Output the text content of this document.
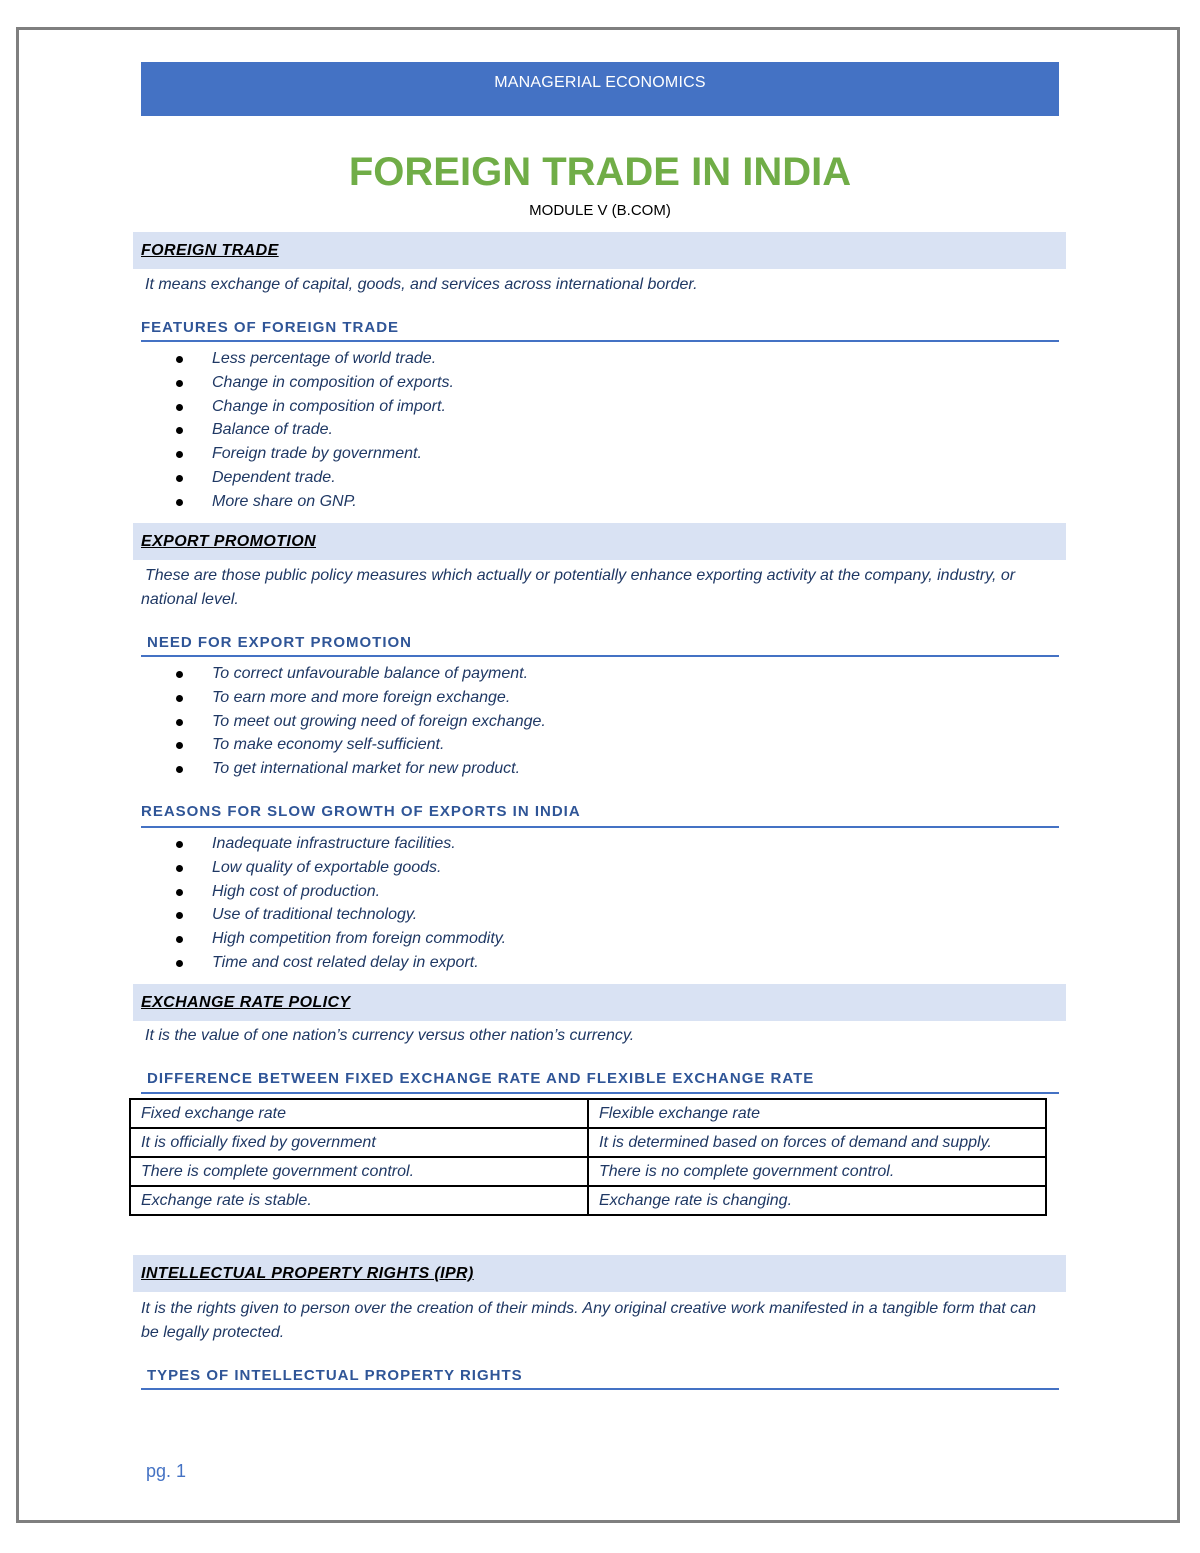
MANAGERIAL ECONOMICS
FOREIGN TRADE IN INDIA
MODULE V (B.COM)
FOREIGN TRADE
It means exchange of capital, goods, and services across international border.
FEATURES OF FOREIGN TRADE
Less percentage of world trade.
Change in composition of exports.
Change in composition of import.
Balance of trade.
Foreign trade by government.
Dependent trade.
More share on GNP.
EXPORT PROMOTION
These are those public policy measures which actually or potentially enhance exporting activity at the company, industry, or national level.
NEED FOR EXPORT PROMOTION
To correct unfavourable balance of payment.
To earn more and more foreign exchange.
To meet out growing need of foreign exchange.
To make economy self-sufficient.
To get international market for new product.
REASONS FOR SLOW GROWTH OF EXPORTS IN INDIA
Inadequate infrastructure facilities.
Low quality of exportable goods.
High cost of production.
Use of traditional technology.
High competition from foreign commodity.
Time and cost related delay in export.
EXCHANGE RATE POLICY
It is the value of one nation’s currency versus other nation’s currency.
DIFFERENCE BETWEEN FIXED EXCHANGE RATE AND FLEXIBLE EXCHANGE RATE
Fixed exchange rate	Flexible exchange rate
It is officially fixed by government	It is determined based on forces of demand and supply.
There is complete government control.	There is no complete government control.
Exchange rate is stable.	Exchange rate is changing.
INTELLECTUAL PROPERTY RIGHTS (IPR)
It is the rights given to person over the creation of their minds. Any original creative work manifested in a tangible form that can be legally protected.
TYPES OF INTELLECTUAL PROPERTY RIGHTS
pg. 1
